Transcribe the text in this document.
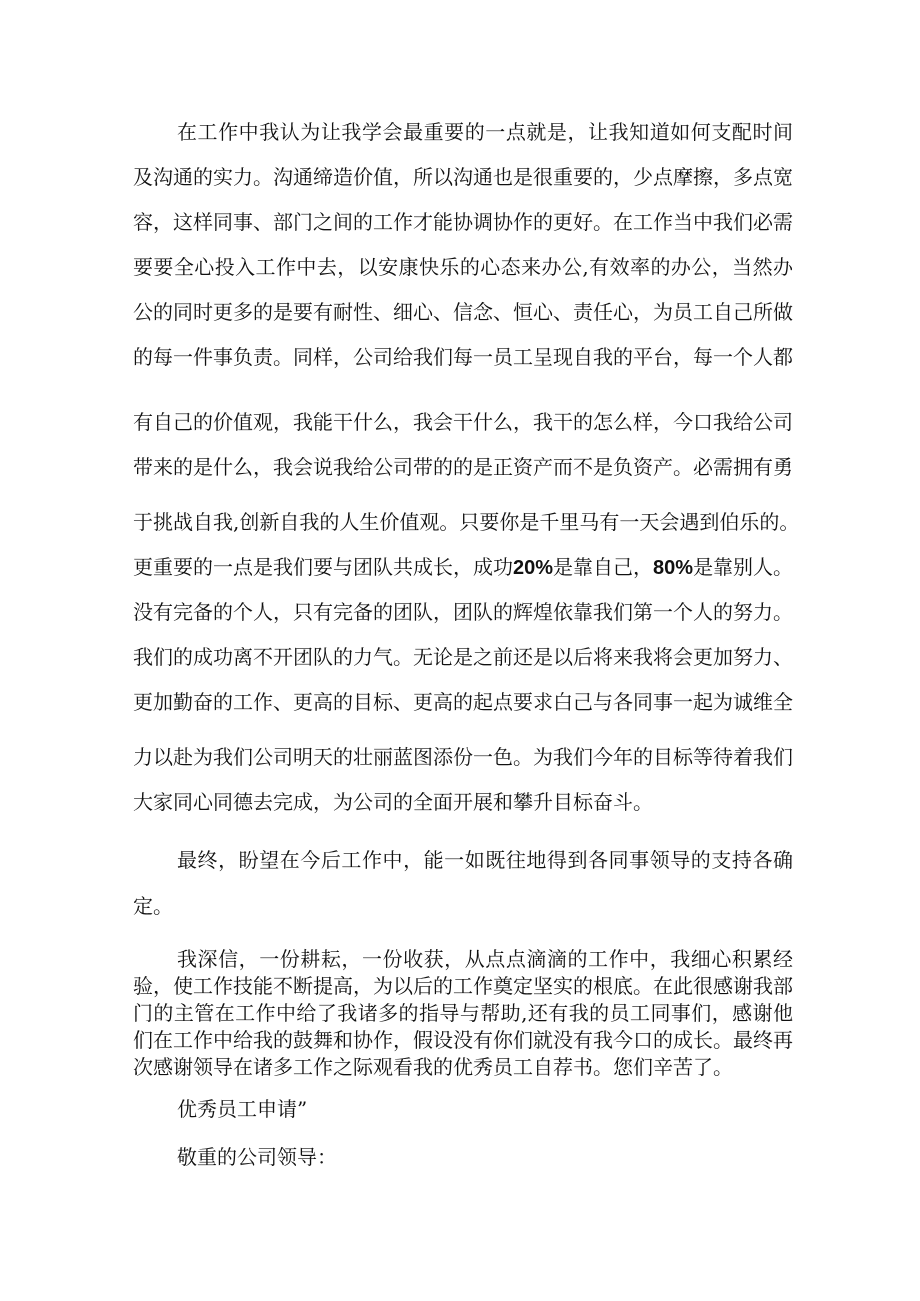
在工作中我认为让我学会最重要的一点就是，让我知道如何支配时间
及沟通的实力。沟通缔造价值，所以沟通也是很重要的，少点摩擦，多点宽
容，这样同事、部门之间的工作才能协调协作的更好。在工作当中我们必需
要要全心投入工作中去，以安康快乐的心态来办公,有效率的办公，当然办
公的同时更多的是要有耐性、细心、信念、恒心、责任心，为员工自己所做
的每一件事负责。同样，公司给我们每一员工呈现自我的平台，每一个人都
有自己的价值观，我能干什么，我会干什么，我干的怎么样，今口我给公司
带来的是什么，我会说我给公司带的的是正资产而不是负资产。必需拥有勇
于挑战自我,创新自我的人生价值观。只要你是千里马有一天会遇到伯乐的。
更重要的一点是我们要与团队共成长，成功20%是靠自己，80%是靠别人。
没有完备的个人，只有完备的团队，团队的辉煌依靠我们第一个人的努力。
我们的成功离不开团队的力气。无论是之前还是以后将来我将会更加努力、
更加勤奋的工作、更高的目标、更高的起点要求白己与各同事一起为诚维全
力以赴为我们公司明天的壮丽蓝图添份一色。为我们今年的目标等待着我们
大家同心同德去完成，为公司的全面开展和攀升目标奋斗。
最终，盼望在今后工作中，能一如既往地得到各同事领导的支持各确
定。
我深信，一份耕耘，一份收获，从点点滴滴的工作中，我细心积累经
验，使工作技能不断提高，为以后的工作奠定坚实的根底。在此很感谢我部
门的主管在工作中给了我诸多的指导与帮助,还有我的员工同事们，感谢他
们在工作中给我的鼓舞和协作，假设没有你们就没有我今口的成长。最终再
次感谢领导在诸多工作之际观看我的优秀员工自荐书。您们辛苦了。
优秀员工申请”
敬重的公司领导：
